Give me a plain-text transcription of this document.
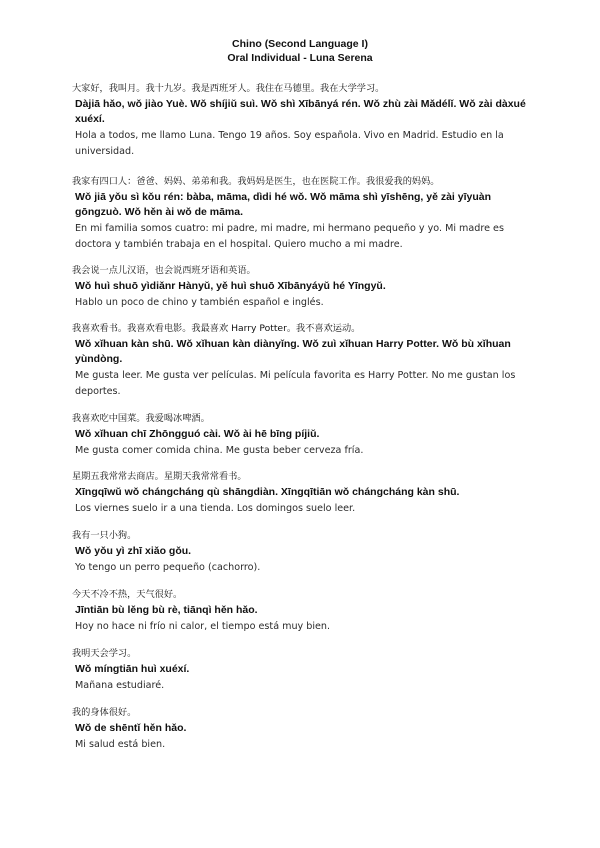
Chino (Second Language I)
Oral Individual - Luna Serena
大家好，我叫月。我十九岁。我是西班牙人。我住在马德里。我在大学学习。
Dàjiā hǎo, wǒ jiào Yuè. Wǒ shíjiǔ suì. Wǒ shì Xībānyá rén. Wǒ zhù zài Mǎdélǐ. Wǒ zài dàxué xuéxí.
Hola a todos, me llamo Luna. Tengo 19 años. Soy española. Vivo en Madrid. Estudio en la universidad.
我家有四口人：爸爸、妈妈、弟弟和我。我妈妈是医生，也在医院工作。我很爱我的妈妈。
Wǒ jiā yǒu sì kǒu rén: bàba, māma, dìdi hé wǒ. Wǒ māma shì yīshēng, yě zài yīyuàn gōngzuò. Wǒ hěn ài wǒ de māma.
En mi familia somos cuatro: mi padre, mi madre, mi hermano pequeño y yo. Mi madre es doctora y también trabaja en el hospital. Quiero mucho a mi madre.
我会说一点儿汉语，也会说西班牙语和英语。
Wǒ huì shuō yìdiǎnr Hànyǔ, yě huì shuō Xībānyáyǔ hé Yīngyǔ.
Hablo un poco de chino y también español e inglés.
我喜欢看书。我喜欢看电影。我最喜欢 Harry Potter。我不喜欢运动。
Wǒ xǐhuan kàn shū. Wǒ xǐhuan kàn diànyǐng. Wǒ zuì xǐhuan Harry Potter. Wǒ bù xǐhuan yùndòng.
Me gusta leer. Me gusta ver películas. Mi película favorita es Harry Potter. No me gustan los deportes.
我喜欢吃中国菜。我爱喝冰啤酒。
Wǒ xǐhuan chī Zhōngguó cài. Wǒ ài hē bīng píjiǔ.
Me gusta comer comida china. Me gusta beber cerveza fría.
星期五我常常去商店。星期天我常常看书。
Xīngqīwǔ wǒ chángcháng qù shāngdiàn. Xīngqītiān wǒ chángcháng kàn shū.
Los viernes suelo ir a una tienda. Los domingos suelo leer.
我有一只小狗。
Wǒ yǒu yì zhī xiǎo gǒu.
Yo tengo un perro pequeño (cachorro).
今天不冷不热，天气很好。
Jīntiān bù lěng bù rè, tiānqì hěn hǎo.
Hoy no hace ni frío ni calor, el tiempo está muy bien.
我明天会学习。
Wǒ míngtiān huì xuéxí.
Mañana estudiaré.
我的身体很好。
Wǒ de shēntǐ hěn hǎo.
Mi salud está bien.
